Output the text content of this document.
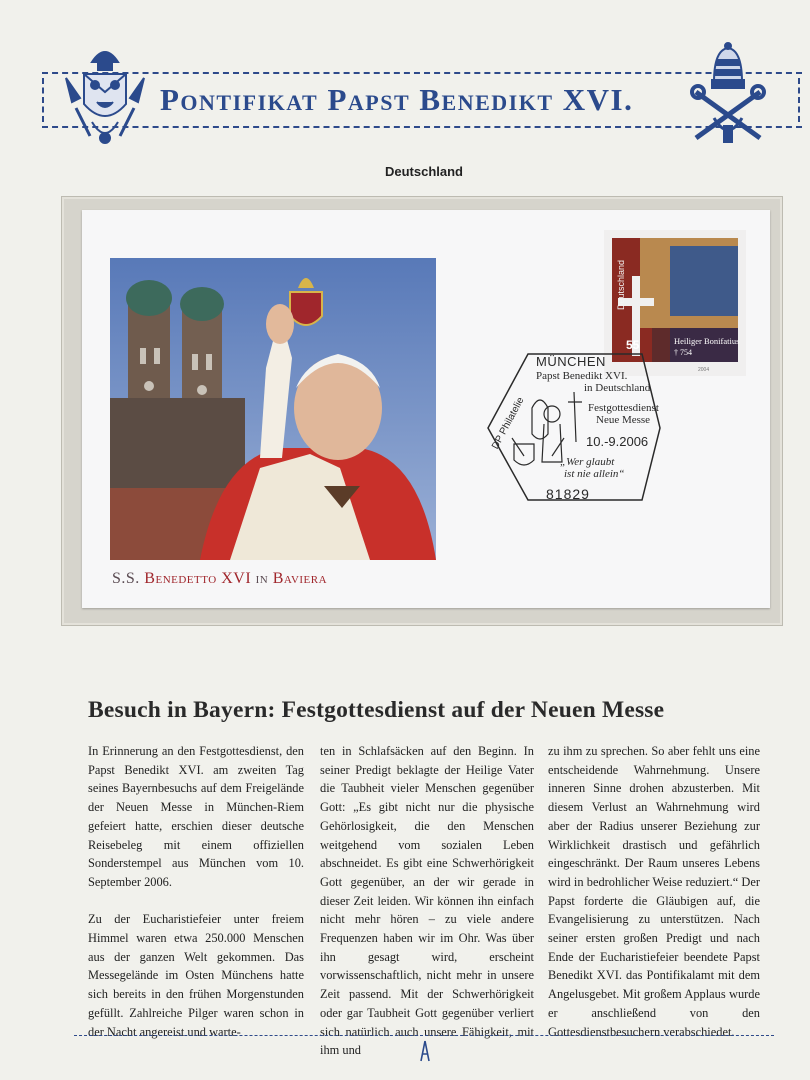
Pontifikat Papst Benedikt XVI.
Deutschland
S.S. Benedetto XVI in Baviera
Deutschland
55	Heiliger Bonifatius
† 754
2004
MÜNCHEN
Papst Benedikt XVI.
in Deutschland
Festgottesdienst
Neue Messe
10.-9.2006
„Wer glaubt
ist nie allein“
81829
DP Philatelie
Besuch in Bayern: Festgottesdienst auf der Neuen Messe

In Erinnerung an den Festgottesdienst, den Papst Benedikt XVI. am zweiten Tag seines Bayernbesuchs auf dem Freigelände der Neuen Messe in München-Riem gefeiert hatte, erschien dieser deutsche Reisebeleg mit einem offiziellen Sonderstempel aus München vom 10. September 2006.

Zu der Eucharistiefeier unter freiem Himmel waren etwa 250.000 Menschen aus der ganzen Welt gekommen. Das Messegelände im Osten Münchens hatte sich bereits in den frühen Morgenstunden gefüllt. Zahlreiche Pilger waren schon in der Nacht angereist und warte-

ten in Schlafsäcken auf den Beginn. In seiner Predigt beklagte der Heilige Vater die Taubheit vieler Menschen gegenüber Gott: „Es gibt nicht nur die physische Gehörlosigkeit, die den Menschen weitgehend vom sozialen Leben abschneidet. Es gibt eine Schwerhörigkeit Gott gegenüber, an der wir gerade in dieser Zeit leiden. Wir können ihn einfach nicht mehr hören – zu viele andere Frequenzen haben wir im Ohr. Was über ihn gesagt wird, erscheint vorwissenschaftlich, nicht mehr in unsere Zeit passend. Mit der Schwerhörigkeit oder gar Taubheit Gott gegenüber verliert sich natürlich auch unsere Fähigkeit, mit ihm und

zu ihm zu sprechen. So aber fehlt uns eine entscheidende Wahrnehmung. Unsere inneren Sinne drohen abzusterben. Mit diesem Verlust an Wahrnehmung wird aber der Radius unserer Beziehung zur Wirklichkeit drastisch und gefährlich eingeschränkt. Der Raum unseres Lebens wird in bedrohlicher Weise reduziert.“ Der Papst forderte die Gläubigen auf, die Evangelisierung zu unterstützen. Nach seiner ersten großen Predigt und nach Ende der Eucharistiefeier beendete Papst Benedikt XVI. das Pontifikalamt mit dem Angelusgebet. Mit großem Applaus wurde er anschließend von den Gottesdienstbesuchern verabschiedet.
